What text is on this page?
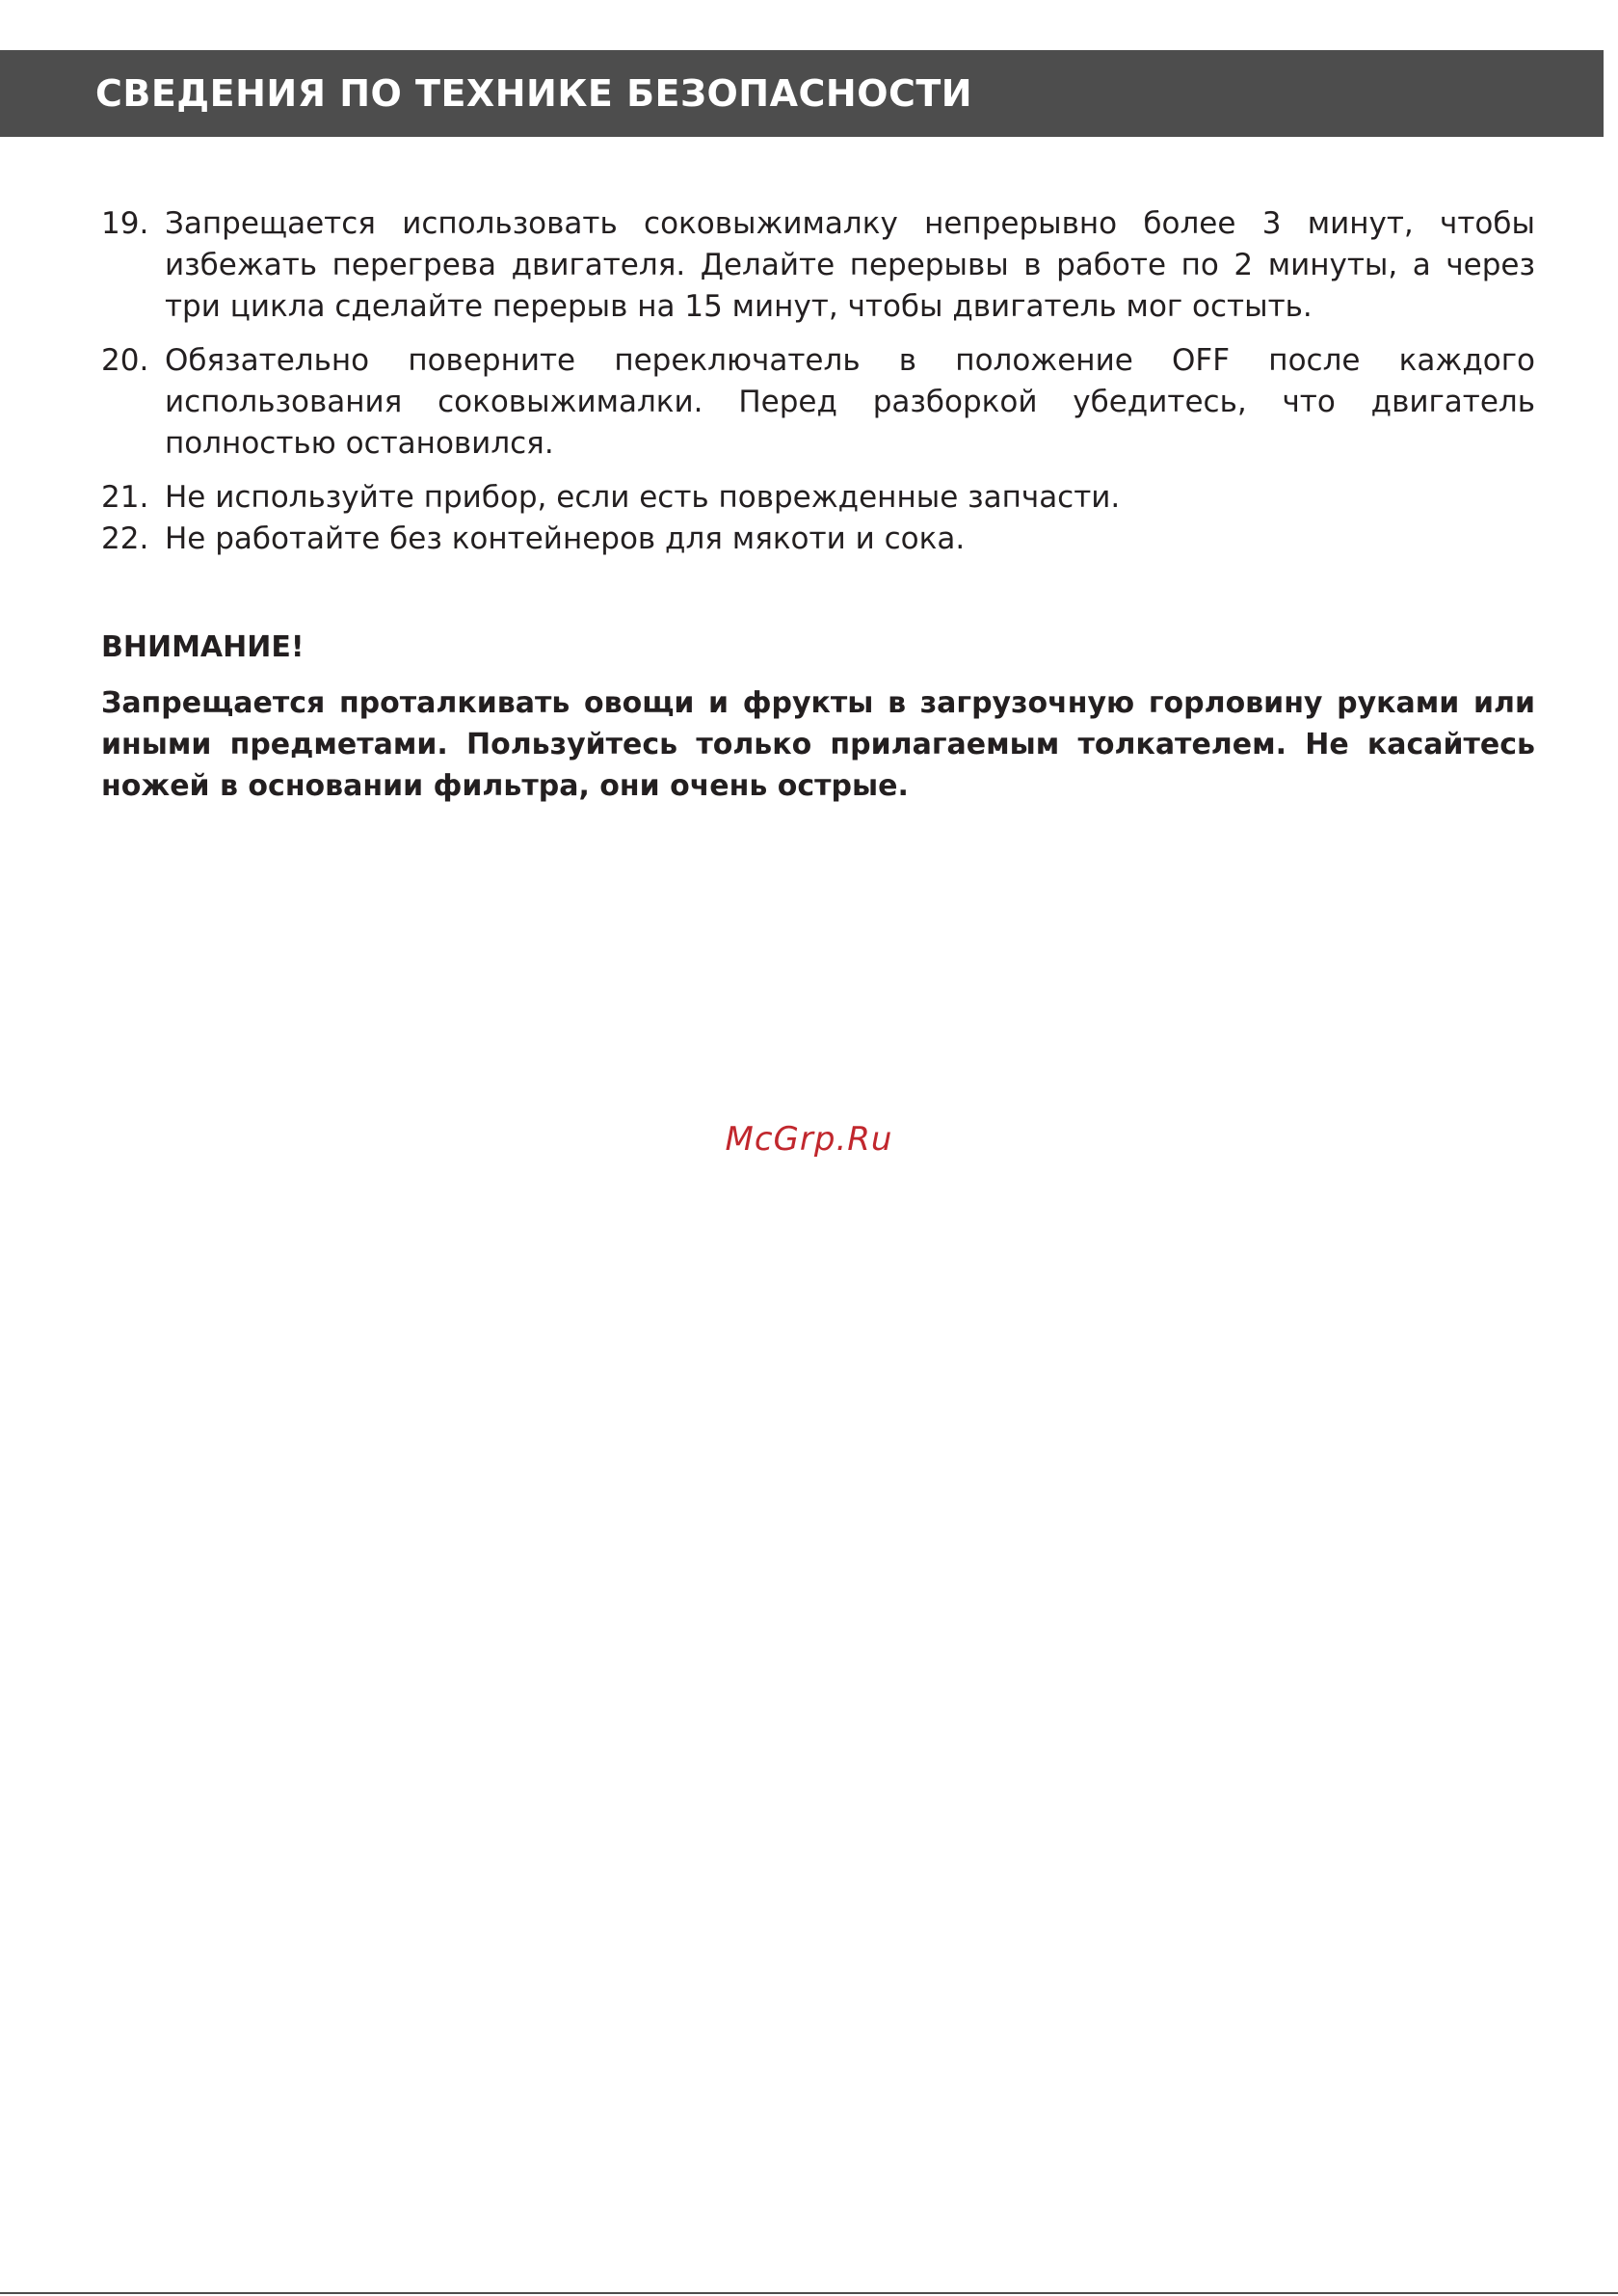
СВЕДЕНИЯ ПО ТЕХНИКЕ БЕЗОПАСНОСТИ
19. Запрещается использовать соковыжималку непрерывно более 3 минут, чтобы избежать перегрева двигателя. Делайте перерывы в работе по 2 минуты, а через три цикла сделайте перерыв на 15 минут, чтобы двигатель мог остыть.
20. Обязательно поверните переключатель в положение OFF после каждого использования соковыжималки. Перед разборкой убедитесь, что двигатель полностью остановился.
21. Не используйте прибор, если есть поврежденные запчасти.
22. Не работайте без контейнеров для мякоти и сока.
ВНИМАНИЕ!

Запрещается проталкивать овощи и фрукты в загрузочную горловину руками или иными предметами. Пользуйтесь только прилагаемым толкателем. Не касайтесь ножей в основании фильтра, они очень острые.

McGrp.Ru
